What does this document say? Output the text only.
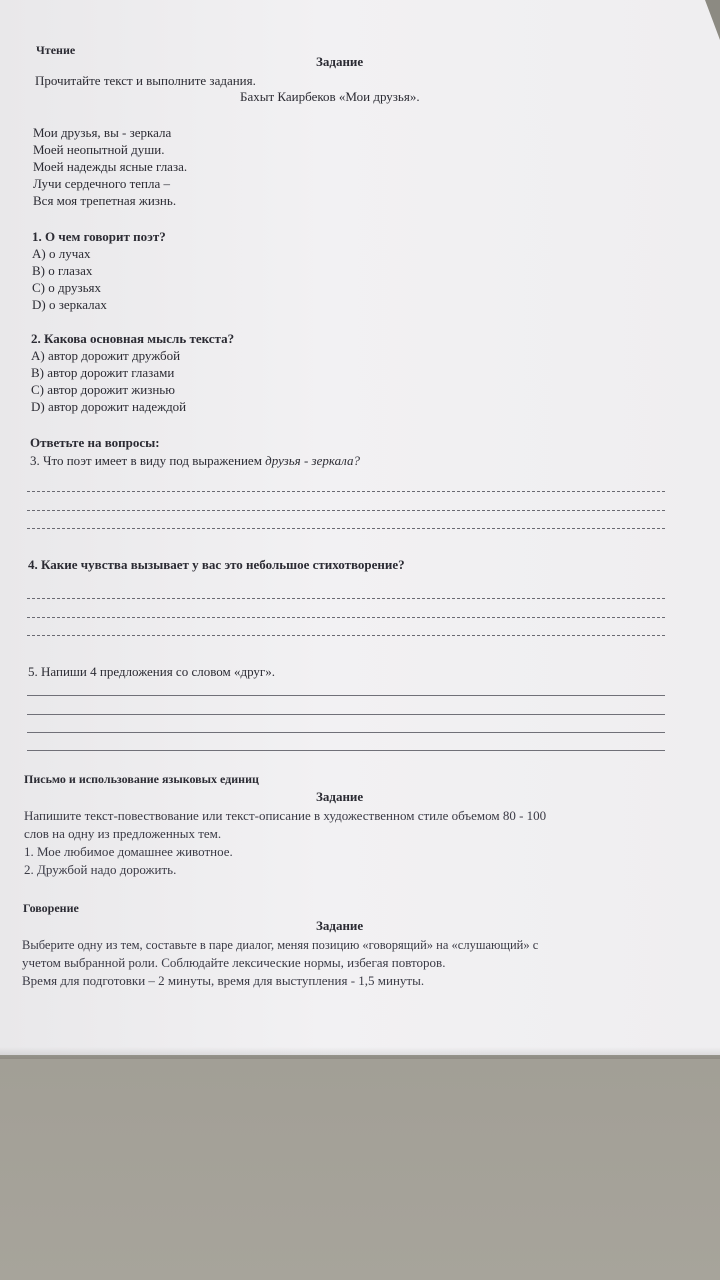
Чтение
Задание
Прочитайте текст и выполните задания.
Бахыт Каирбеков «Мои друзья».
Мои друзья, вы - зеркала
Моей неопытной души.
Моей надежды ясные глаза.
Лучи сердечного тепла –
Вся моя трепетная жизнь.
1. О чем говорит поэт?
A) о лучах
B) о глазах
C) о друзьях
D) о зеркалах
2. Какова основная мысль текста?
A) автор дорожит дружбой
B) автор дорожит глазами
C) автор дорожит жизнью
D) автор дорожит надеждой
Ответьте на вопросы:
3. Что поэт имеет в виду под выражением друзья - зеркала?
4. Какие чувства вызывает у вас это небольшое стихотворение?
5. Напиши 4 предложения со словом «друг».
Письмо и использование языковых единиц
Задание
Напишите текст-повествование или текст-описание в художественном стиле объемом 80 - 100
слов на одну из предложенных тем.
1. Мое любимое домашнее животное.
2. Дружбой надо дорожить.
Говорение
Задание
Выберите одну из тем, составьте в паре диалог, меняя позицию «говорящий» на «слушающий» с
учетом выбранной роли. Соблюдайте лексические нормы, избегая повторов.
Время для подготовки – 2 минуты, время для выступления - 1,5 минуты.
